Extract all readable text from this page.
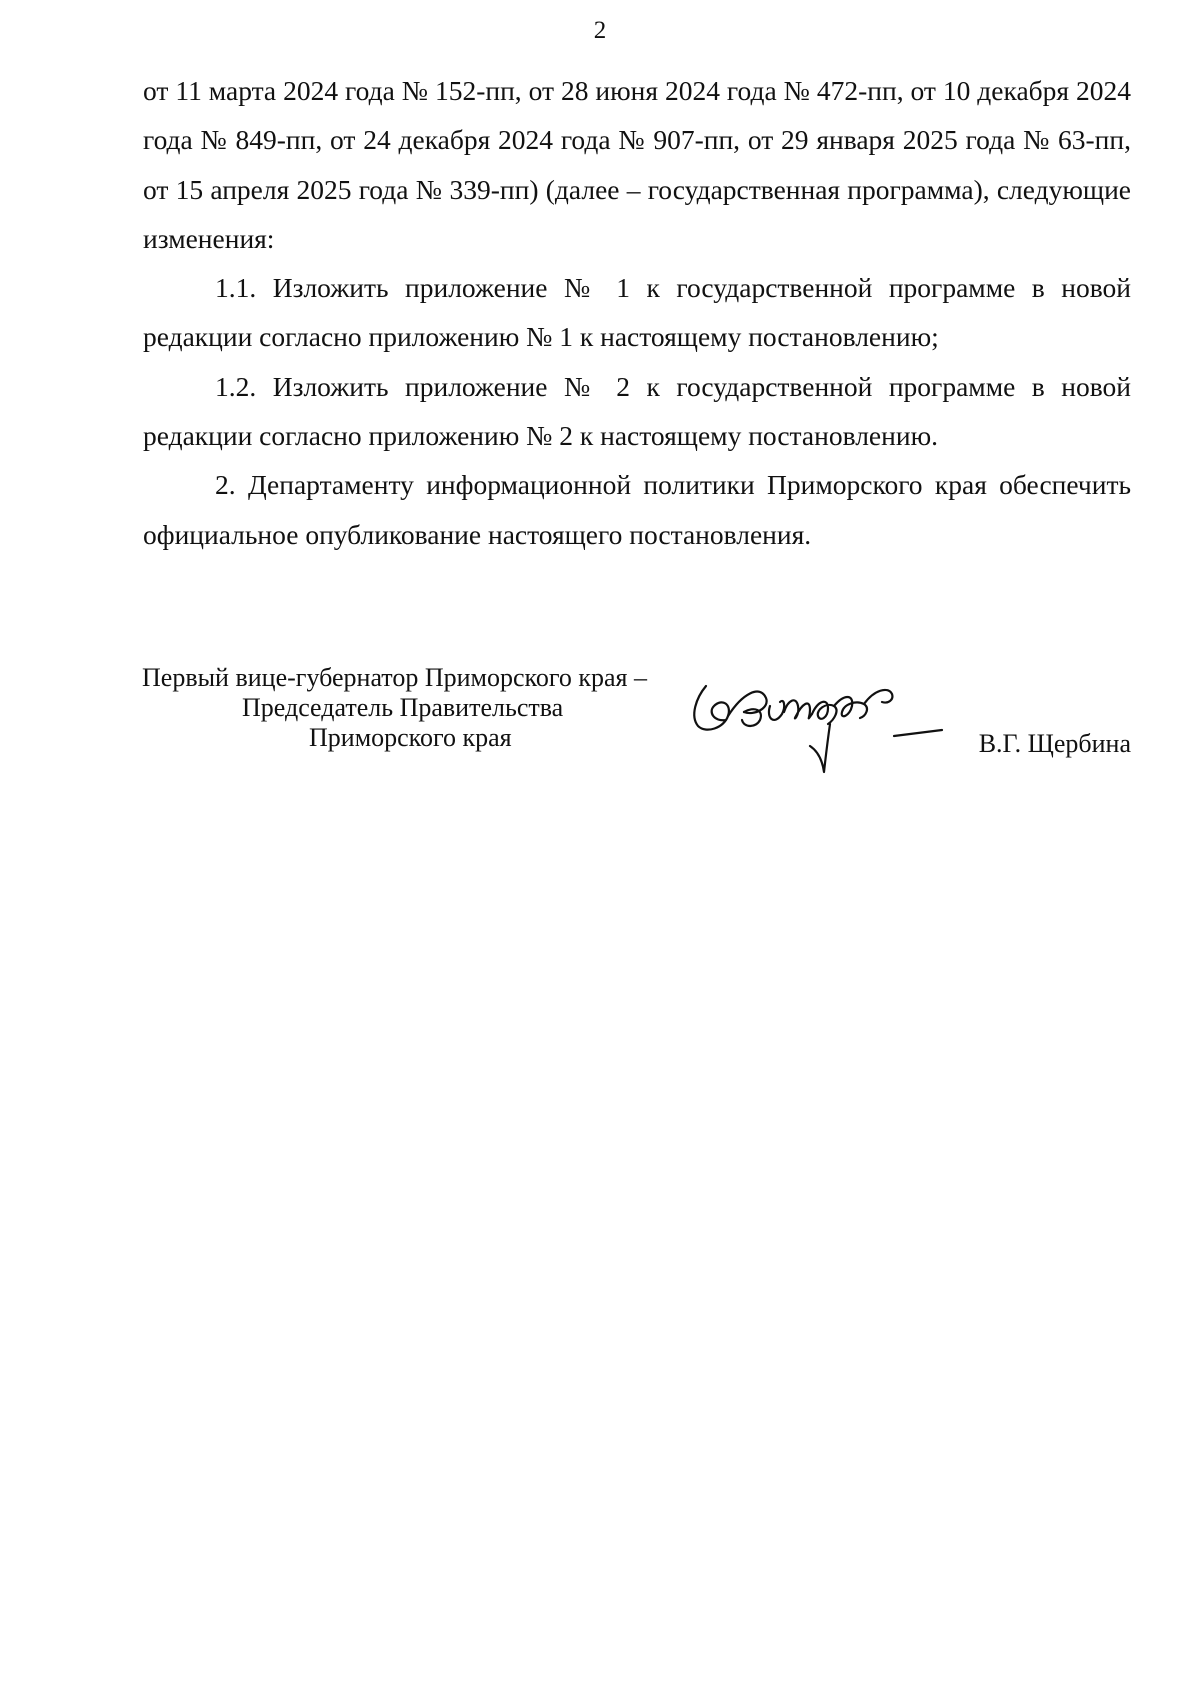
2

от 11 марта 2024 года № 152-пп, от 28 июня 2024 года № 472-пп, от 10 декабря 2024 года № 849-пп, от 24 декабря 2024 года № 907-пп, от 29 января 2025 года № 63-пп, от 15 апреля 2025 года № 339-пп) (далее – государственная программа), следующие изменения:

1.1. Изложить приложение № 1 к государственной программе в новой редакции согласно приложению № 1 к настоящему постановлению;

1.2. Изложить приложение № 2 к государственной программе в новой редакции согласно приложению № 2 к настоящему постановлению.

2. Департаменту информационной политики Приморского края обеспечить официальное опубликование настоящего постановления.

Первый вице-губернатор Приморского края –
Председатель Правительства
Приморского края	В.Г. Щербина
